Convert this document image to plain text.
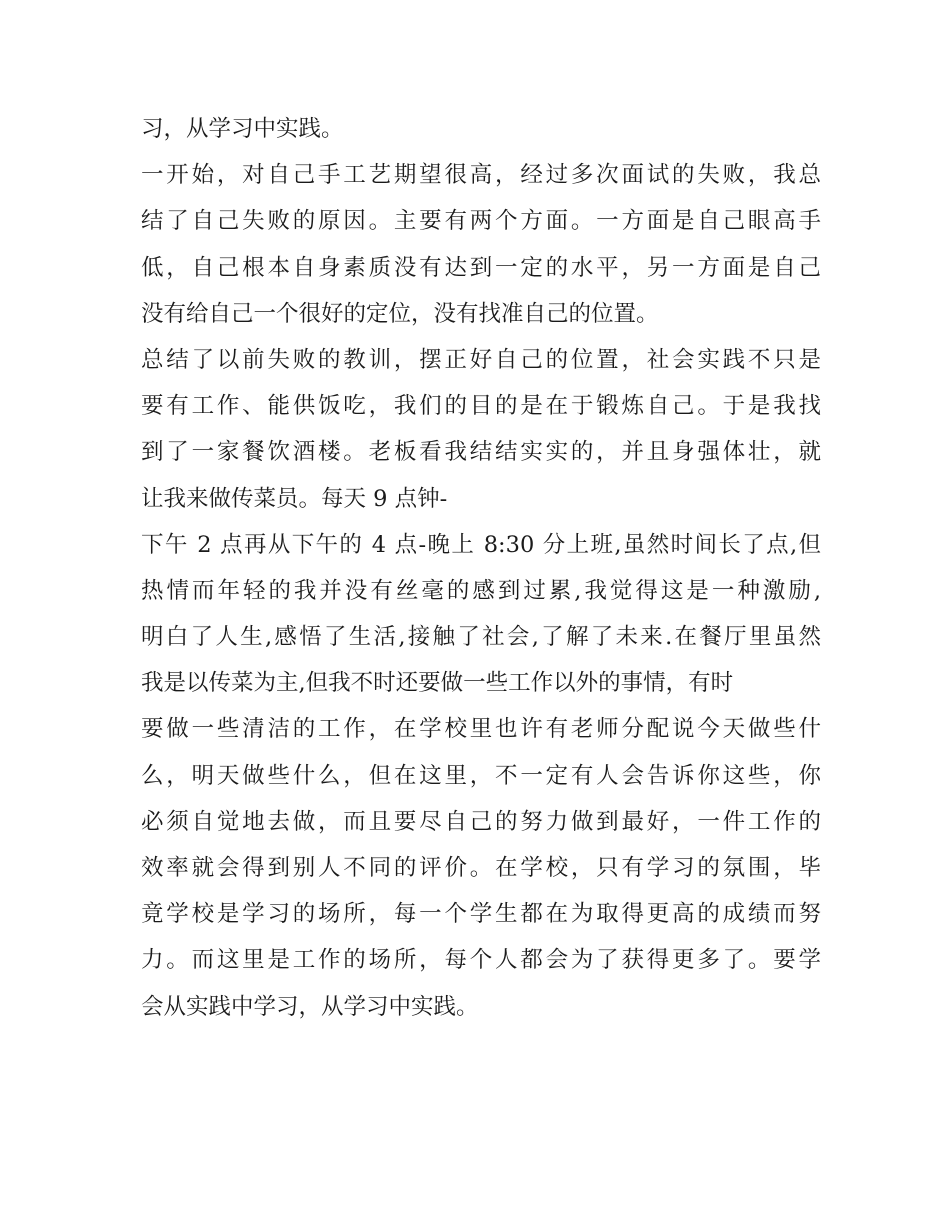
习，从学习中实践。
一开始，对自己手工艺期望很高，经过多次面试的失败，我总
结了自己失败的原因。主要有两个方面。一方面是自己眼高手
低，自己根本自身素质没有达到一定的水平，另一方面是自己
没有给自己一个很好的定位，没有找准自己的位置。
总结了以前失败的教训，摆正好自己的位置，社会实践不只是
要有工作、能供饭吃，我们的目的是在于锻炼自己。于是我找
到了一家餐饮酒楼。老板看我结结实实的，并且身强体壮，就
让我来做传菜员。每天 9 点钟-
下午 2 点再从下午的 4 点-晚上 8:30 分上班,虽然时间长了点,但
热情而年轻的我并没有丝毫的感到过累,我觉得这是一种激励,
明白了人生,感悟了生活,接触了社会,了解了未来.在餐厅里虽然
我是以传菜为主,但我不时还要做一些工作以外的事情，有时
要做一些清洁的工作，在学校里也许有老师分配说今天做些什
么，明天做些什么，但在这里，不一定有人会告诉你这些，你
必须自觉地去做，而且要尽自己的努力做到最好，一件工作的
效率就会得到别人不同的评价。在学校，只有学习的氛围，毕
竟学校是学习的场所，每一个学生都在为取得更高的成绩而努
力。而这里是工作的场所，每个人都会为了获得更多了。要学
会从实践中学习，从学习中实践。
